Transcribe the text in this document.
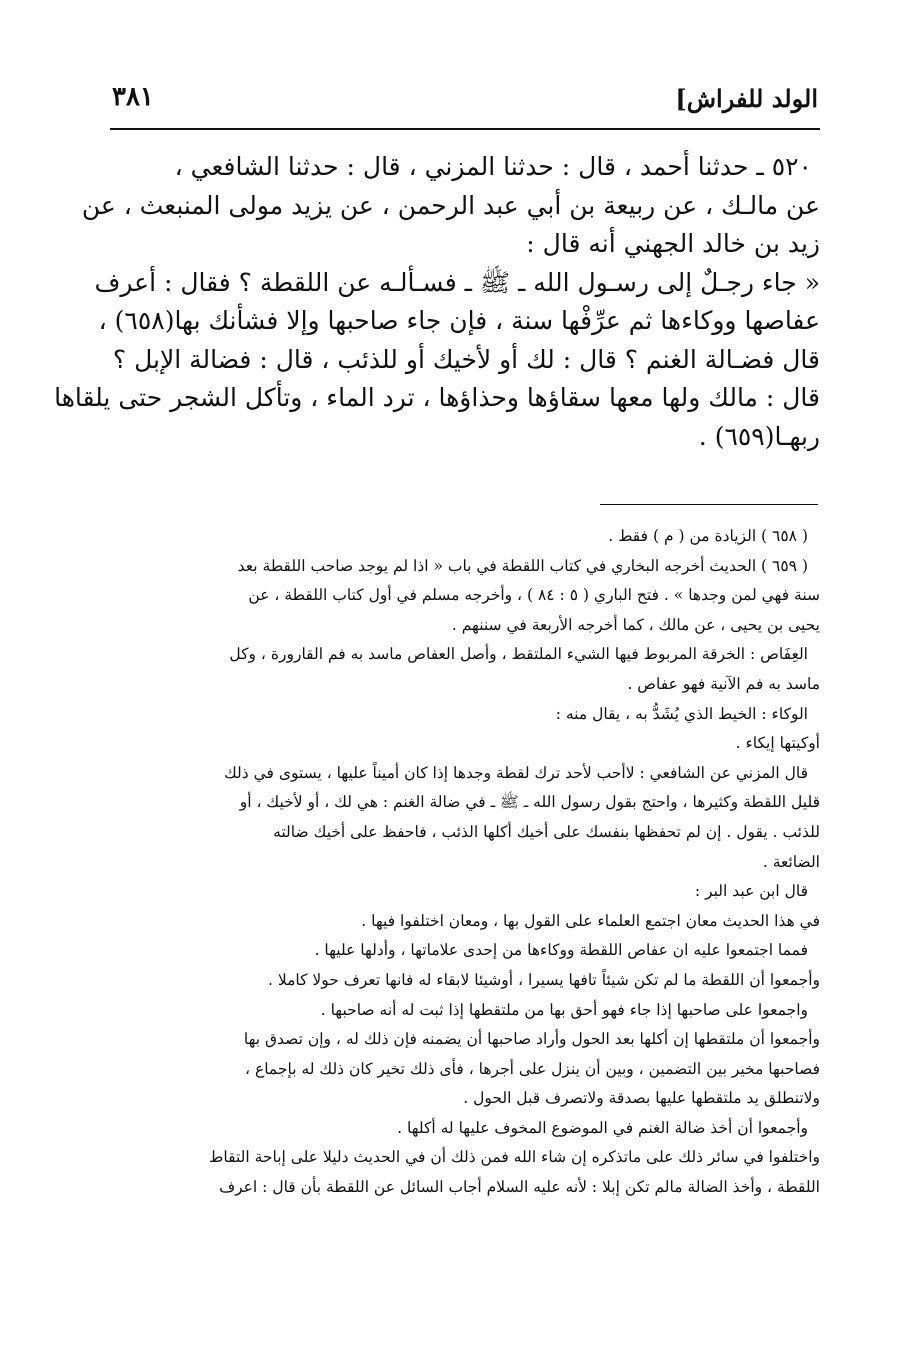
الولد للفراش]
٣٨١
٥٢٠ ـ حدثنا أحمد ، قال : حدثنا المزني ، قال : حدثنا الشافعي ،
عن مالـك ، عن ربيعة بن أبي عبد الرحمن ، عن يزيد مولى المنبعث ، عن
زيد بن خالد الجهني أنه قال :
« جاء رجـلٌ إلى رسـول الله ـ ﷺ ـ فسـألـه عن اللقطة ؟ فقال : أعرف
عفاصها ووكاءها ثم عرِّفْها سنة ، فإن جاء صاحبها وإلا فشأنك بها(٦٥٨) ،
قال فضـالة الغنم ؟ قال : لك أو لأخيك أو للذئب ، قال : فضالة الإبل ؟
قال : مالك ولها معها سقاؤها وحذاؤها ، ترد الماء ، وتأكل الشجر حتى يلقاها
ربهـا(٦٥٩) .
( ٦٥٨ ) الزيادة من ( م ) فقط .
( ٦٥٩ ) الحديث أخرجه البخاري في كتاب اللقطة في باب « اذا لم يوجد صاحب اللقطة بعد
سنة فهي لمن وجدها » . فتح الباري ( ٥ : ٨٤ ) ، وأخرجه مسلم في أول كتاب اللقطة ، عن
يحيى بن يحيى ، عن مالك ، كما أخرجه الأربعة في سننهم .
العِفَاص : الخرقة المربوط فيها الشيء الملتقط ، وأصل العفاص ماسد به فم القارورة ، وكل
ماسد به فم الآنية فهو عفاص .
الوكاء : الخيط الذي يُشَدُّ به ، يقال منه :
أوكيتها إيكاء .
قال المزني عن الشافعي : لاأحب لأحد ترك لقطة وجدها إذا كان أميناً عليها ، يستوى في ذلك
قليل اللقطة وكثيرها ، واحتج بقول رسول الله ـ ﷺ ـ في ضالة الغنم : هي لك ، أو لأخيك ، أو
للذئب . يقول . إن لم تحفظها بنفسك على أخيك أكلها الذئب ، فاحفظ على أخيك ضالته
الضائعة .
قال ابن عبد البر :
في هذا الحديث معان اجتمع العلماء على القول بها ، ومعان اختلفوا فيها .
فمما اجتمعوا عليه ان عفاص اللقطة ووكاءها من إحدى علاماتها ، وأدلها عليها .
وأجمعوا أن اللقطة ما لم تكن شيئاً تافها يسيرا ، أوشيئا لابقاء له فانها تعرف حولا كاملا .
واجمعوا على صاحبها إذا جاء فهو أحق بها من ملتقطها إذا ثبت له أنه صاحبها .
وأجمعوا أن ملتقطها إن أكلها بعد الحول وأراد صاحبها أن يضمنه فإن ذلك له ، وإن تصدق بها
فصاحبها مخير بين التضمين ، وبين أن ينزل على أجرها ، فأى ذلك تخير كان ذلك له بإجماع ،
ولاتنطلق يد ملتقطها عليها بصدقة ولاتصرف قبل الحول .
وأجمعوا أن أخذ ضالة الغنم في الموضوع المخوف عليها له أكلها .
واختلفوا في سائر ذلك على ماتذكره إن شاء الله فمن ذلك أن في الحديث دليلا على إباحة التقاط
اللقطة ، وأخذ الضالة مالم تكن إبلا : لأنه عليه السلام أجاب السائل عن اللقطة بأن قال : اعرف
